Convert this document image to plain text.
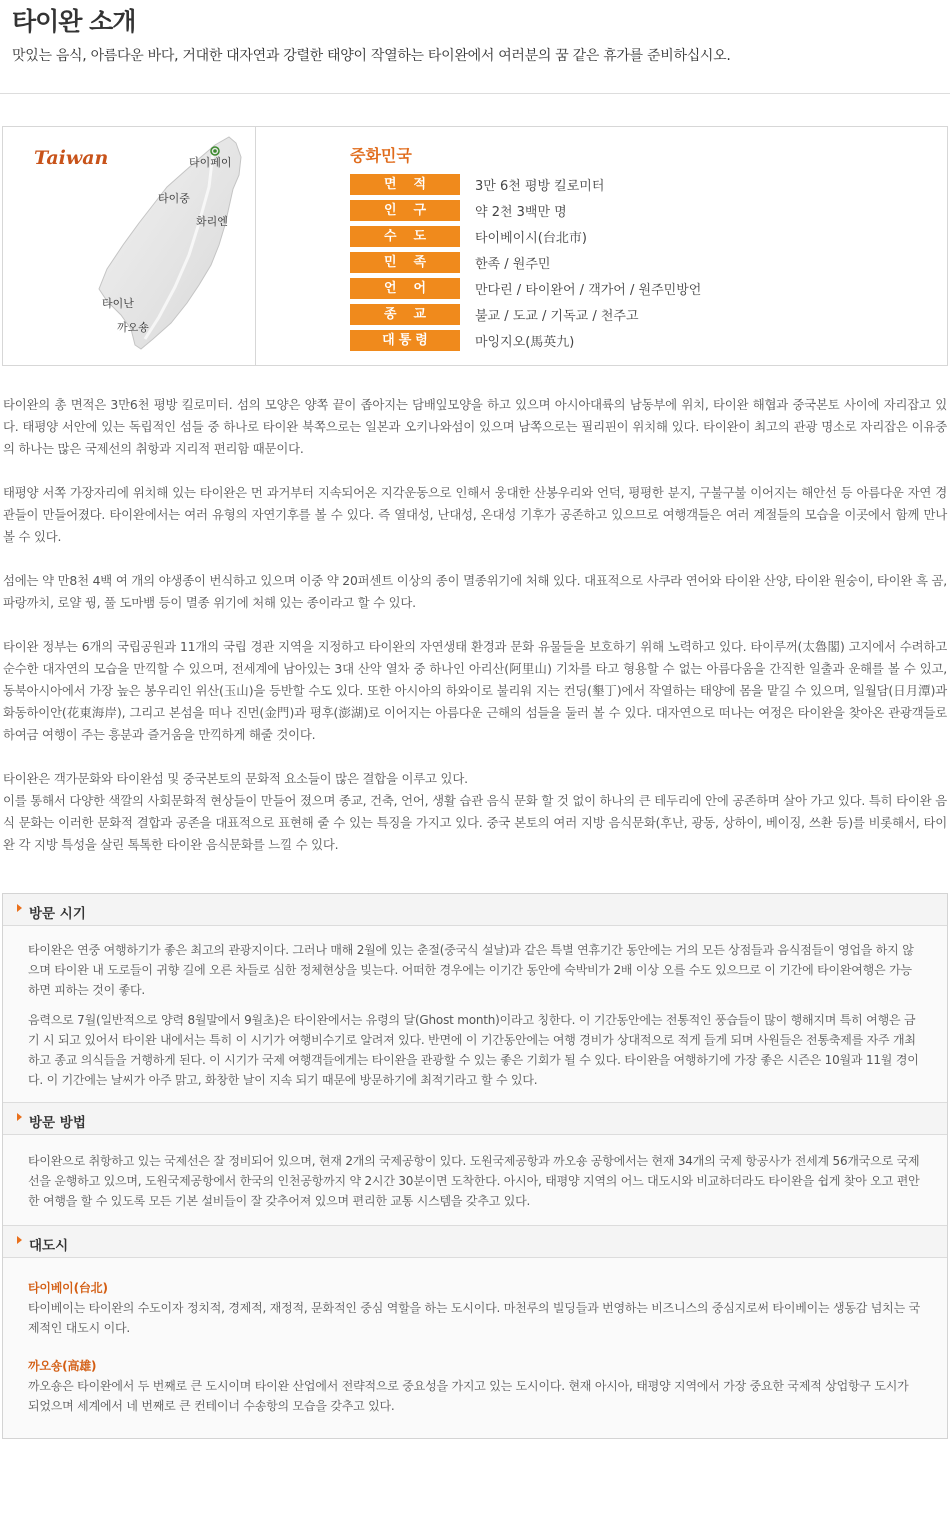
타이완 소개

맛있는 음식, 아름다운 바다, 거대한 대자연과 강렬한 태양이 작열하는 타이완에서 여러분의 꿈 같은 휴가를 준비하십시오.

Taiwan	타이페이
타이중
화리엔
타이난
까오숑
중화민국
면적	3만 6천 평방 킬로미터
인구	약 2천 3백만 명
수도	타이베이시(台北市)
민족	한족 / 원주민
언어	만다린 / 타이완어 / 객가어 / 원주민방언
종교	불교 / 도교 / 기독교 / 천주고
대통령	마잉지오(馬英九)

타이완의 총 면적은 3만6천 평방 킬로미터. 섬의 모양은 양쪽 끝이 좁아지는 담배잎모양을 하고 있으며 아시아대륙의 남동부에 위치, 타이완 해협과 중국본토 사이에 자리잡고 있다. 태평양 서안에 있는 독립적인 섬들 중 하나로 타이완 북쪽으로는 일본과 오키나와섬이 있으며 남쪽으로는 필리핀이 위치해 있다. 타이완이 최고의 관광 명소로 자리잡은 이유중의 하나는 많은 국제선의 취항과 지리적 편리함 때문이다.

태평양 서쪽 가장자리에 위치해 있는 타이완은 먼 과거부터 지속되어온 지각운동으로 인해서 웅대한 산봉우리와 언덕, 평평한 분지, 구불구불 이어지는 해안선 등 아름다운 자연 경관들이 만들어졌다. 타이완에서는 여러 유형의 자연기후를 볼 수 있다. 즉 열대성, 난대성, 온대성 기후가 공존하고 있으므로 여행객들은 여러 계절들의 모습을 이곳에서 함께 만나 볼 수 있다.

섬에는 약 만8천 4백 여 개의 야생종이 번식하고 있으며 이중 약 20퍼센트 이상의 종이 멸종위기에 처해 있다. 대표적으로 사쿠라 연어와 타이완 산양, 타이완 원숭이, 타이완 흑 곰, 파랑까치, 로얄 꿩, 풀 도마뱀 등이 멸종 위기에 처해 있는 종이라고 할 수 있다.

타이완 정부는 6개의 국립공원과 11개의 국립 경관 지역을 지정하고 타이완의 자연생태 환경과 문화 유물들을 보호하기 위해 노력하고 있다. 타이루꺼(太魯閣) 고지에서 수려하고 순수한 대자연의 모습을 만끽할 수 있으며, 전세계에 남아있는 3대 산악 열차 중 하나인 아리산(阿里山) 기차를 타고 형용할 수 없는 아름다움을 간직한 일출과 운해를 볼 수 있고, 동북아시아에서 가장 높은 봉우리인 위산(玉山)을 등반할 수도 있다. 또한 아시아의 하와이로 불리워 지는 컨딩(墾丁)에서 작열하는 태양에 몸을 맡길 수 있으며, 일월담(日月潭)과 화동하이안(花東海岸), 그리고 본섬을 떠나 진먼(金門)과 평후(澎湖)로 이어지는 아름다운 근해의 섬들을 둘러 볼 수 있다. 대자연으로 떠나는 여정은 타이완을 찾아온 관광객들로 하여금 여행이 주는 흥분과 즐거움을 만끽하게 해줄 것이다.

타이완은 객가문화와 타이완섬 및 중국본토의 문화적 요소들이 많은 결합을 이루고 있다.

이를 통해서 다양한 색깔의 사회문화적 현상들이 만들어 졌으며 종교, 건축, 언어, 생활 습관 음식 문화 할 것 없이 하나의 큰 테두리에 안에 공존하며 살아 가고 있다. 특히 타이완 음식 문화는 이러한 문화적 결합과 공존을 대표적으로 표현해 줄 수 있는 특징을 가지고 있다. 중국 본토의 여러 지방 음식문화(후난, 광동, 상하이, 베이징, 쓰촨 등)를 비롯해서, 타이완 각 지방 특성을 살린 톡톡한 타이완 음식문화를 느낄 수 있다.

방문 시기

타이완은 연중 여행하기가 좋은 최고의 관광지이다. 그러나 매해 2월에 있는 춘절(중국식 설날)과 같은 특별 연휴기간 동안에는 거의 모든 상점들과 음식점들이 영업을 하지 않으며 타이완 내 도로들이 귀향 길에 오른 차들로 심한 정체현상을 빚는다. 어떠한 경우에는 이기간 동안에 숙박비가 2배 이상 오를 수도 있으므로 이 기간에 타이완여행은 가능하면 피하는 것이 좋다.

음력으로 7월(일반적으로 양력 8월말에서 9월초)은 타이완에서는 유령의 달(Ghost month)이라고 칭한다. 이 기간동안에는 전통적인 풍습들이 많이 행해지며 특히 여행은 금기 시 되고 있어서 타이완 내에서는 특히 이 시기가 여행비수기로 알려져 있다. 반면에 이 기간동안에는 여행 경비가 상대적으로 적게 들게 되며 사원들은 전통축제를 자주 개최하고 종교 의식들을 거행하게 된다. 이 시기가 국제 여행객들에게는 타이완을 관광할 수 있는 좋은 기회가 될 수 있다. 타이완을 여행하기에 가장 좋은 시즌은 10월과 11월 경이다. 이 기간에는 날씨가 아주 맑고, 화창한 날이 지속 되기 때문에 방문하기에 최적기라고 할 수 있다.

방문 방법

타이완으로 취항하고 있는 국제선은 잘 정비되어 있으며, 현재 2개의 국제공항이 있다. 도원국제공항과 까오숑 공항에서는 현재 34개의 국제 항공사가 전세계 56개국으로 국제선을 운행하고 있으며, 도원국제공항에서 한국의 인천공항까지 약 2시간 30분이면 도착한다. 아시아, 태평양 지역의 어느 대도시와 비교하더라도 타이완을 쉽게 찾아 오고 편안한 여행을 할 수 있도록 모든 기본 설비들이 잘 갖추어져 있으며 편리한 교통 시스템을 갖추고 있다.

대도시
타이베이(台北)

타이베이는 타이완의 수도이자 정치적, 경제적, 재정적, 문화적인 중심 역할을 하는 도시이다. 마천루의 빌딩들과 번영하는 비즈니스의 중심지로써 타이베이는 생동감 넘치는 국제적인 대도시 이다.

까오숑(高雄)

까오숑은 타이완에서 두 번째로 큰 도시이며 타이완 산업에서 전략적으로 중요성을 가지고 있는 도시이다. 현재 아시아, 태평양 지역에서 가장 중요한 국제적 상업항구 도시가 되었으며 세계에서 네 번째로 큰 컨테이너 수송항의 모습을 갖추고 있다.
